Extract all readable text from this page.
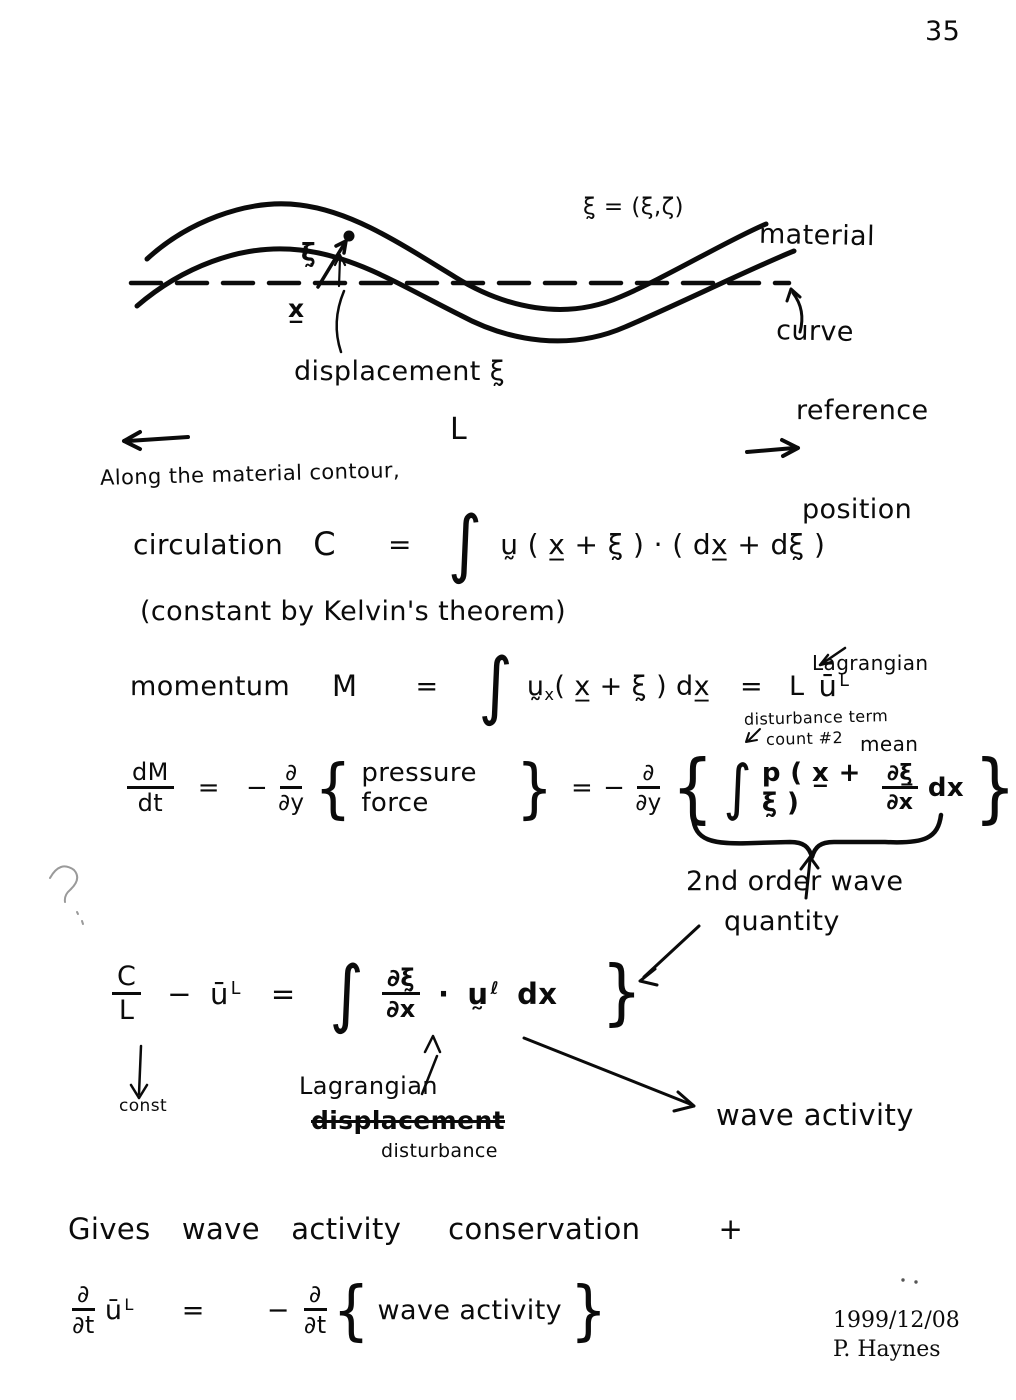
35

material

curve

ξ̰ = (ξ,ζ)
ξ̰
x̲

reference

position

displacement ξ̰
L
Along the material contour,
circulation C = ∫ ṵ ( x̲ + ξ̰ ) · ( dx̲ + dξ̰ )
(constant by Kelvin's theorem)

Lagrangian

mean

momentum M = ∫ ṵ$_x$( x̲ + ξ̰ ) dx̲ = L ū $^L$
disturbance term
count #2
$\frac{dM}{dt}$ = − $\frac{\partial}{\partial y}$ { pressure force	} = − $\frac{\partial}{\partial y}$ { ∫ p ( x̲ + ξ̰ )	$\frac{\partial\xi̲}{\partial x}$ dx }
2nd order wave
quantity
$\frac{C}{L}$ − ū $^L$ = ∫ $\frac{\partial\xḭ}{\partial x}$ · ṵ $^\ell$ dx }
const
Lagrangian
displacement
disturbance
wave activity
Gives  wave  activity   conservation     +
$\frac{\partial}{\partial t}$ ū $^L$ = − $\frac{\partial}{\partial t}$ { wave activity }	1999/12/08
P. Haynes
